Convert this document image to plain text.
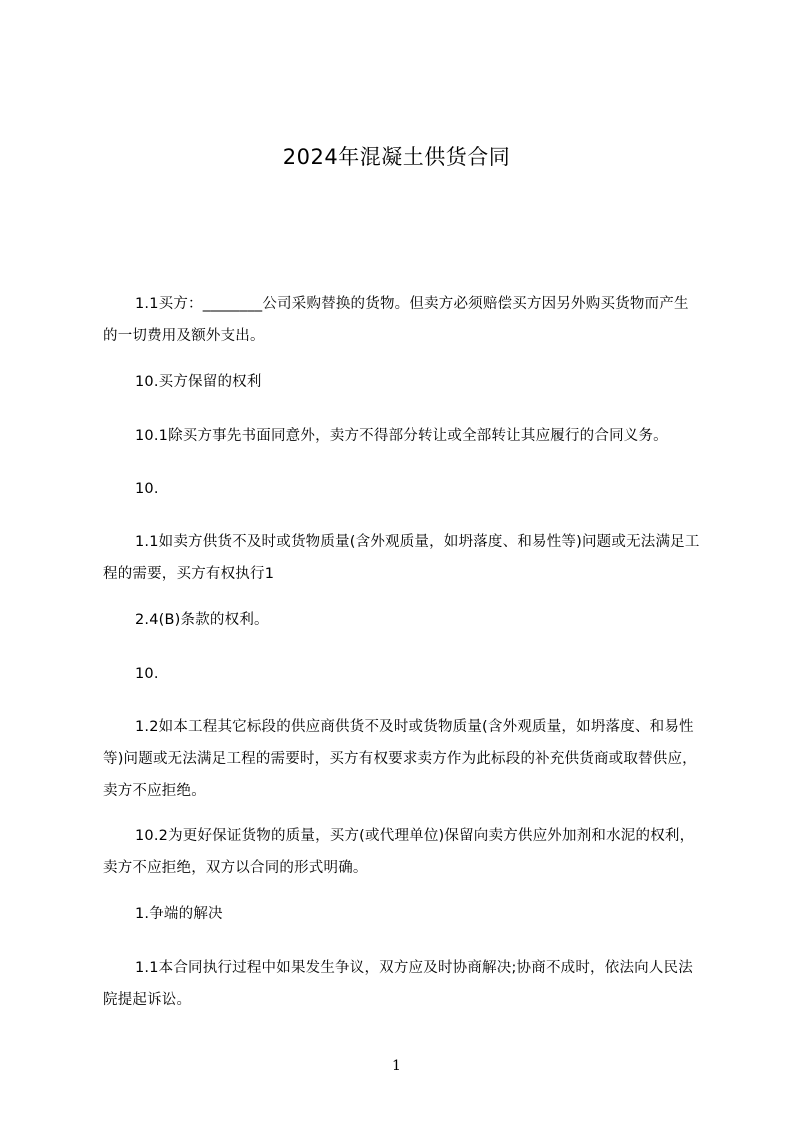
2024年混凝土供货合同

1.1买方：________公司采购替换的货物。但卖方必须赔偿买方因另外购买货物而产生的一切费用及额外支出。

10.买方保留的权利

10.1除买方事先书面同意外，卖方不得部分转让或全部转让其应履行的合同义务。

10.

1.1如卖方供货不及时或货物质量(含外观质量，如坍落度、和易性等)问题或无法满足工程的需要，买方有权执行1

2.4(B)条款的权利。

10.

1.2如本工程其它标段的供应商供货不及时或货物质量(含外观质量，如坍落度、和易性等)问题或无法满足工程的需要时，买方有权要求卖方作为此标段的补充供货商或取替供应，卖方不应拒绝。

10.2为更好保证货物的质量，买方(或代理单位)保留向卖方供应外加剂和水泥的权利，卖方不应拒绝，双方以合同的形式明确。

1.争端的解决

1.1本合同执行过程中如果发生争议，双方应及时协商解决;协商不成时，依法向人民法院提起诉讼。

1
